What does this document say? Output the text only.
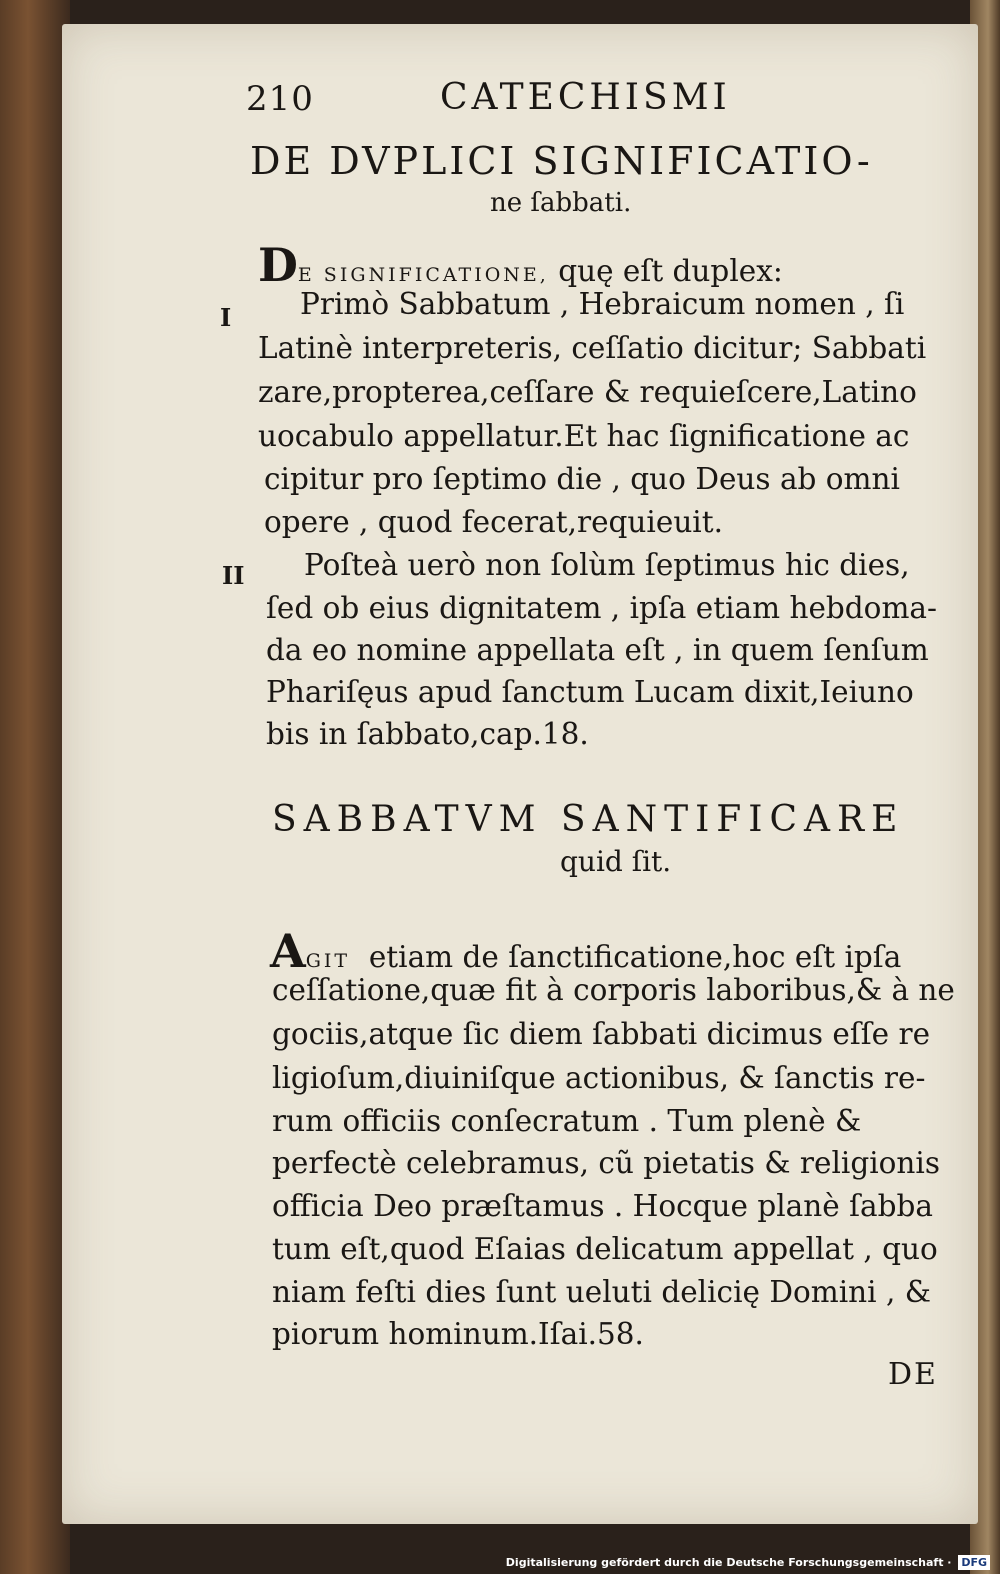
210	CATECHISMI

DE DVPLICI SIGNIFICATIO-

ne ſabbati.

DE SIGNIFICATIONE, quę eſt duplex:

I

II

Primò Sabbatum , Hebraicum nomen , ſi

Latinè interpreteris, ceſſatio dicitur; Sabbati

zare,propterea,ceſſare & requieſcere,Latino

uocabulo appellatur.Et hac ſignificatione ac

cipitur pro ſeptimo die , quo Deus ab omni

opere , quod fecerat,requieuit.

Poſteà uerò non ſolùm ſeptimus hic dies,

ſed ob eius dignitatem , ipſa etiam hebdoma-

da eo nomine appellata eſt , in quem ſenſum

Phariſęus apud ſanctum Lucam dixit,Ieiuno

bis in ſabbato,cap.18.

SABBATVM SANTIFICARE

quid ſit.

AGIT etiam de ſanctificatione,hoc eſt ipſa

ceſſatione,quæ fit à corporis laboribus,& à ne

gociis,atque ſic diem ſabbati dicimus eſſe re

ligioſum,diuiniſque actionibus, & ſanctis re-

rum officiis conſecratum . Tum plenè &

perfectè celebramus, cũ pietatis & religionis

officia Deo præſtamus . Hocque planè ſabba

tum eſt,quod Eſaias delicatum appellat , quo

niam feſti dies ſunt ueluti delicię Domini , &

piorum hominum.Iſai.58.

DE

Digitalisierung gefördert durch die Deutsche Forschungsgemeinschaft · DFG
